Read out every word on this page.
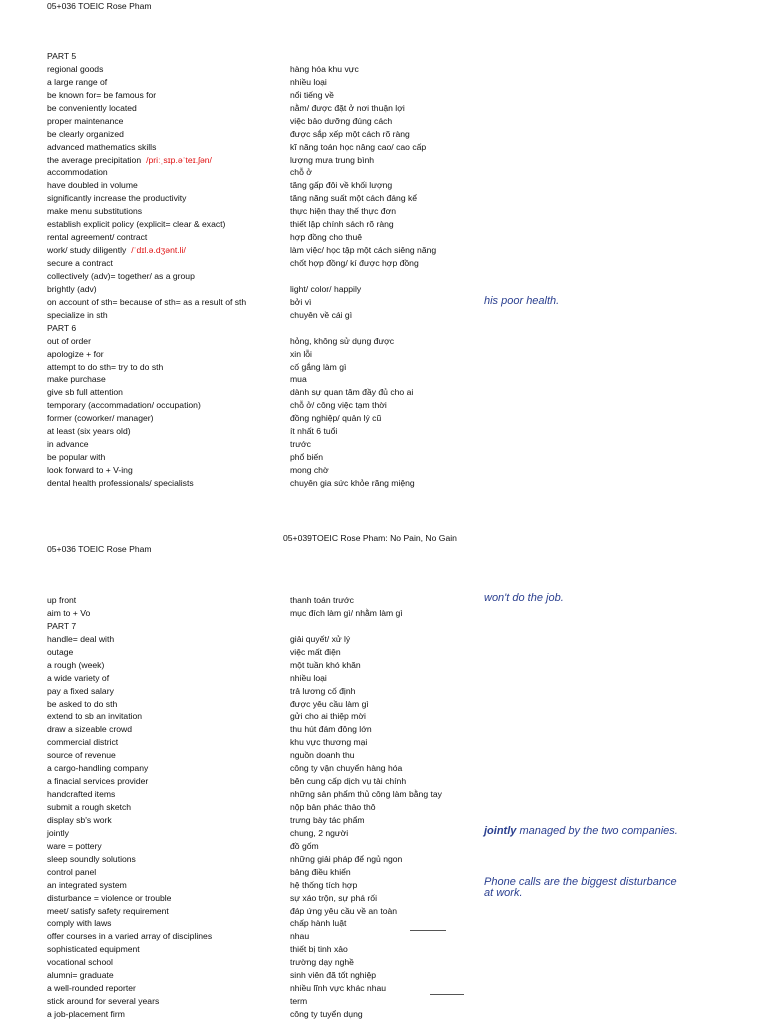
05+036 TOEIC Rose Pham
PART 5
regional goods	hàng hóa khu vực
a large range of	nhiều loại
be known for= be famous for	nổi tiếng về
be conveniently located	nằm/ được đặt ở nơi thuận lợi
proper maintenance	việc bảo dưỡng đúng cách
be clearly organized	được sắp xếp một cách rõ ràng
advanced mathematics skills	kĩ năng toán học nâng cao/ cao cấp
the average precipitation /priːˌsɪp.əˈteɪ.ʃən/	lượng mưa trung bình
accommodation	chỗ ở
have doubled in volume	tăng gấp đôi về khối lượng
significantly increase the productivity	tăng năng suất một cách đáng kể
make menu substitutions	thực hiện thay thế thực đơn
establish explicit policy (explicit= clear & exact)	thiết lập chính sách rõ ràng
rental agreement/ contract	hợp đồng cho thuê
work/ study diligently /ˈdɪl.ə.dʒənt.li/	làm việc/ học tập một cách siêng năng
secure a contract	chốt hợp đồng/ kí được hợp đồng
collectively (adv)= together/ as a group
brightly (adv)	light/ color/ happily
on account of sth= because of sth= as a result of sth	bởi vì
specialize in sth	chuyên về cái gì
PART 6
out of order	hỏng, không sử dụng được
apologize + for	xin lỗi
attempt to do sth= try to do sth	cố gắng làm gì
make purchase	mua
give sb full attention	dành sự quan tâm đầy đủ cho ai
temporary (accommadation/ occupation)	chỗ ở/ công việc tạm thời
former (coworker/ manager)	đồng nghiệp/ quản lý cũ
at least (six years old)	ít nhất 6 tuổi
in advance	trước
be popular with	phổ biến
look forward to + V-ing	mong chờ
dental health professionals/ specialists	chuyên gia sức khỏe răng miệng
his poor health.
05+039TOEIC Rose Pham: No Pain, No Gain
05+036 TOEIC Rose Pham
up front	thanh toán trước
aim to + Vo	mục đích làm gì/ nhằm làm gì
PART 7
handle= deal with	giải quyết/ xử lý
outage	việc mất điện
a rough (week)	một tuần khó khăn
a wide variety of	nhiều loại
pay a fixed salary	trả lương cố định
be asked to do sth	được yêu cầu làm gì
extend to sb an invitation	gửi cho ai thiệp mời
draw a sizeable crowd	thu hút đám đông lớn
commercial district	khu vực thương mại
source of revenue	nguồn doanh thu
a cargo-handling company	công ty vận chuyển hàng hóa
a finacial services provider	bên cung cấp dịch vụ tài chính
handcrafted items	những sản phẩm thủ công làm bằng tay
submit a rough sketch	nộp bản phác thảo thô
display sb's work	trưng bày tác phẩm
jointly	chung, 2 người
ware = pottery	đồ gốm
sleep soundly solutions	những giải pháp để ngủ ngon
control panel	bảng điều khiển
an integrated system	hệ thống tích hợp
disturbance = violence or trouble	sự xáo trộn, sự phá rối
meet/ satisfy safety requirement	đáp ứng yêu cầu về an toàn
comply with laws	chấp hành luật
offer courses in a varied array of disciplines	nhau
sophisticated equipment	thiết bị tinh xảo
vocational school	trường dạy nghề
alumni= graduate	sinh viên đã tốt nghiệp
a well-rounded reporter	nhiều lĩnh vực khác nhau
stick around for several years	term
a job-placement firm	công ty tuyển dụng
won't do the job.
jointly managed by the two companies.
Phone calls are the biggest disturbance
at work.
